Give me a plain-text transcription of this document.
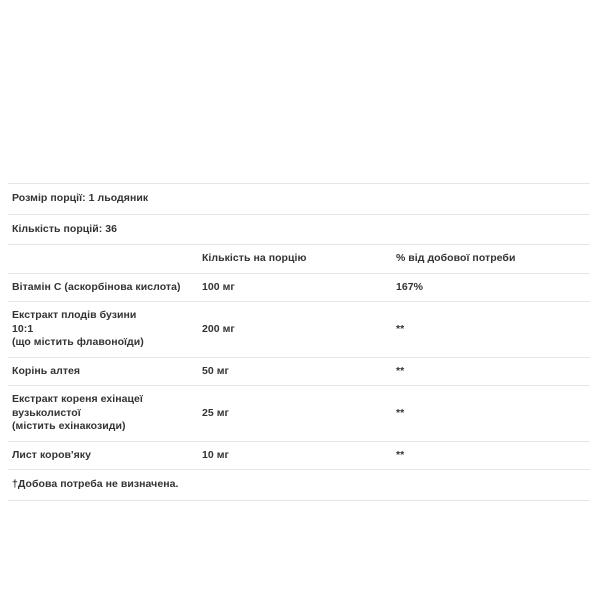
Розмір порції: 1 льодяник		
Кількість порцій: 36		
	Кількість на порцію	% від добової потреби

Вітамін C (аскорбінова кислота)	100 мг	167%

Екстракт плодів бузини
10:1
(що містить флавоноїди)	200 мг	**

Корінь алтея	50 мг	**

Екстракт кореня ехінацеї вузьколистої
(містить ехінакозиди)	25 мг	**

Лист коров'яку	10 мг	**
†Добова потреба не визначена.		
